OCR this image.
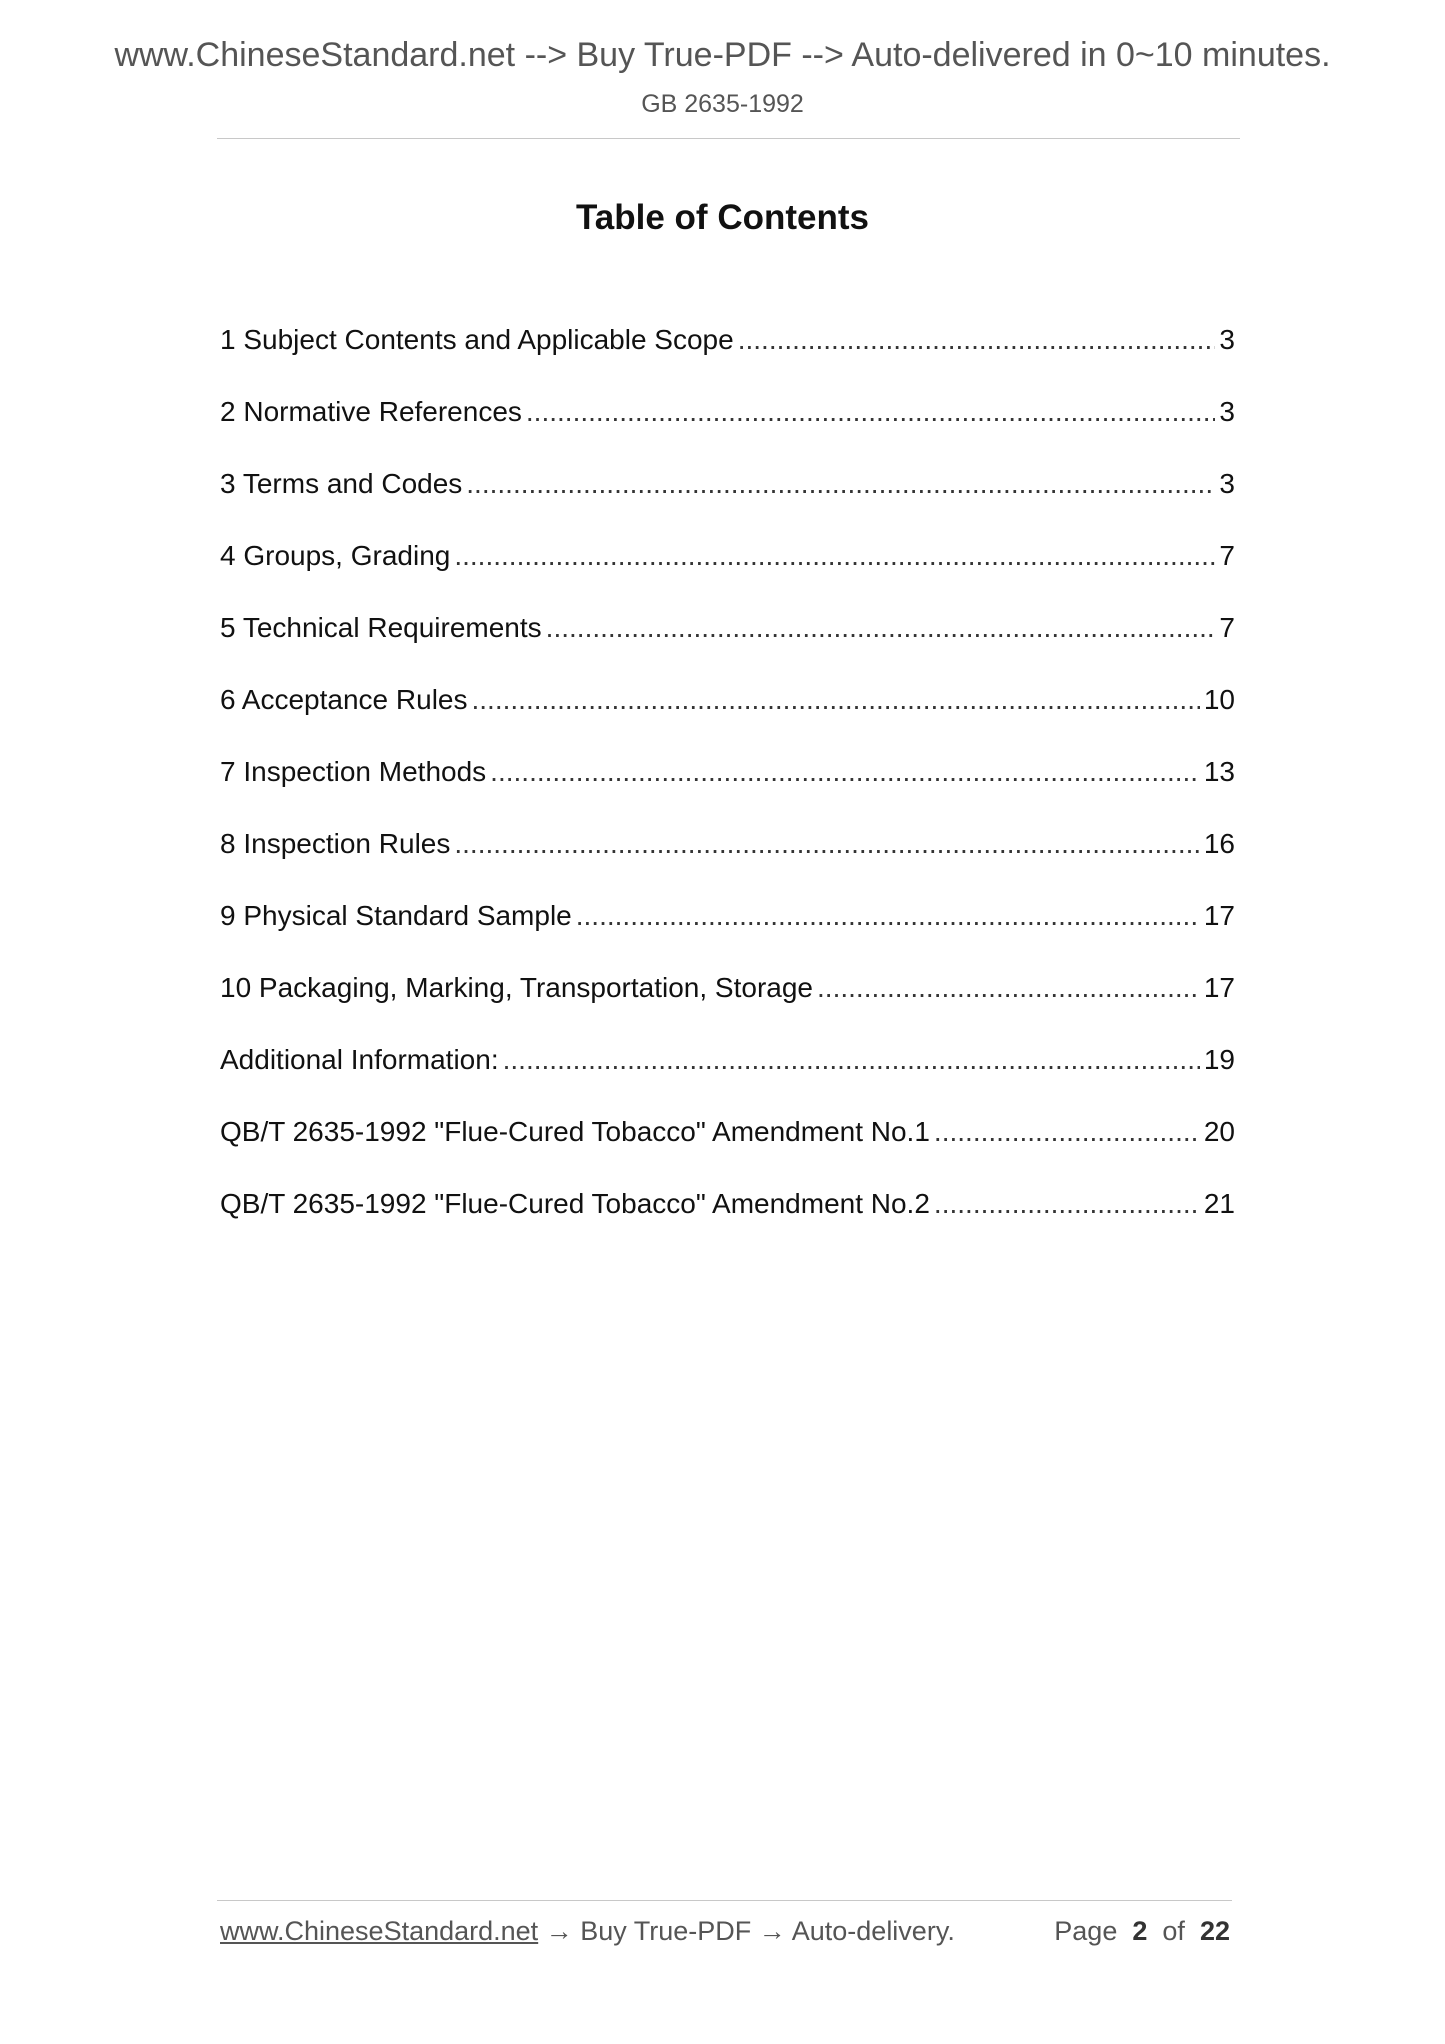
www.ChineseStandard.net --> Buy True-PDF --> Auto-delivered in 0~10 minutes.
GB 2635-1992
Table of Contents
1 Subject Contents and Applicable Scope .....	3
2 Normative References .....	3
3 Terms and Codes .....	3
4 Groups, Grading .....	7
5 Technical Requirements .....	7
6 Acceptance Rules .....	10
7 Inspection Methods .....	13
8 Inspection Rules .....	16
9 Physical Standard Sample .....	17
10 Packaging, Marking, Transportation, Storage .....	17
Additional Information: .....	19
QB/T 2635-1992 "Flue-Cured Tobacco" Amendment No.1 .....	20
QB/T 2635-1992 "Flue-Cured Tobacco" Amendment No.2 .....	21
www.ChineseStandard.net → Buy True-PDF → Auto-delivery.	Page 2 of 22
